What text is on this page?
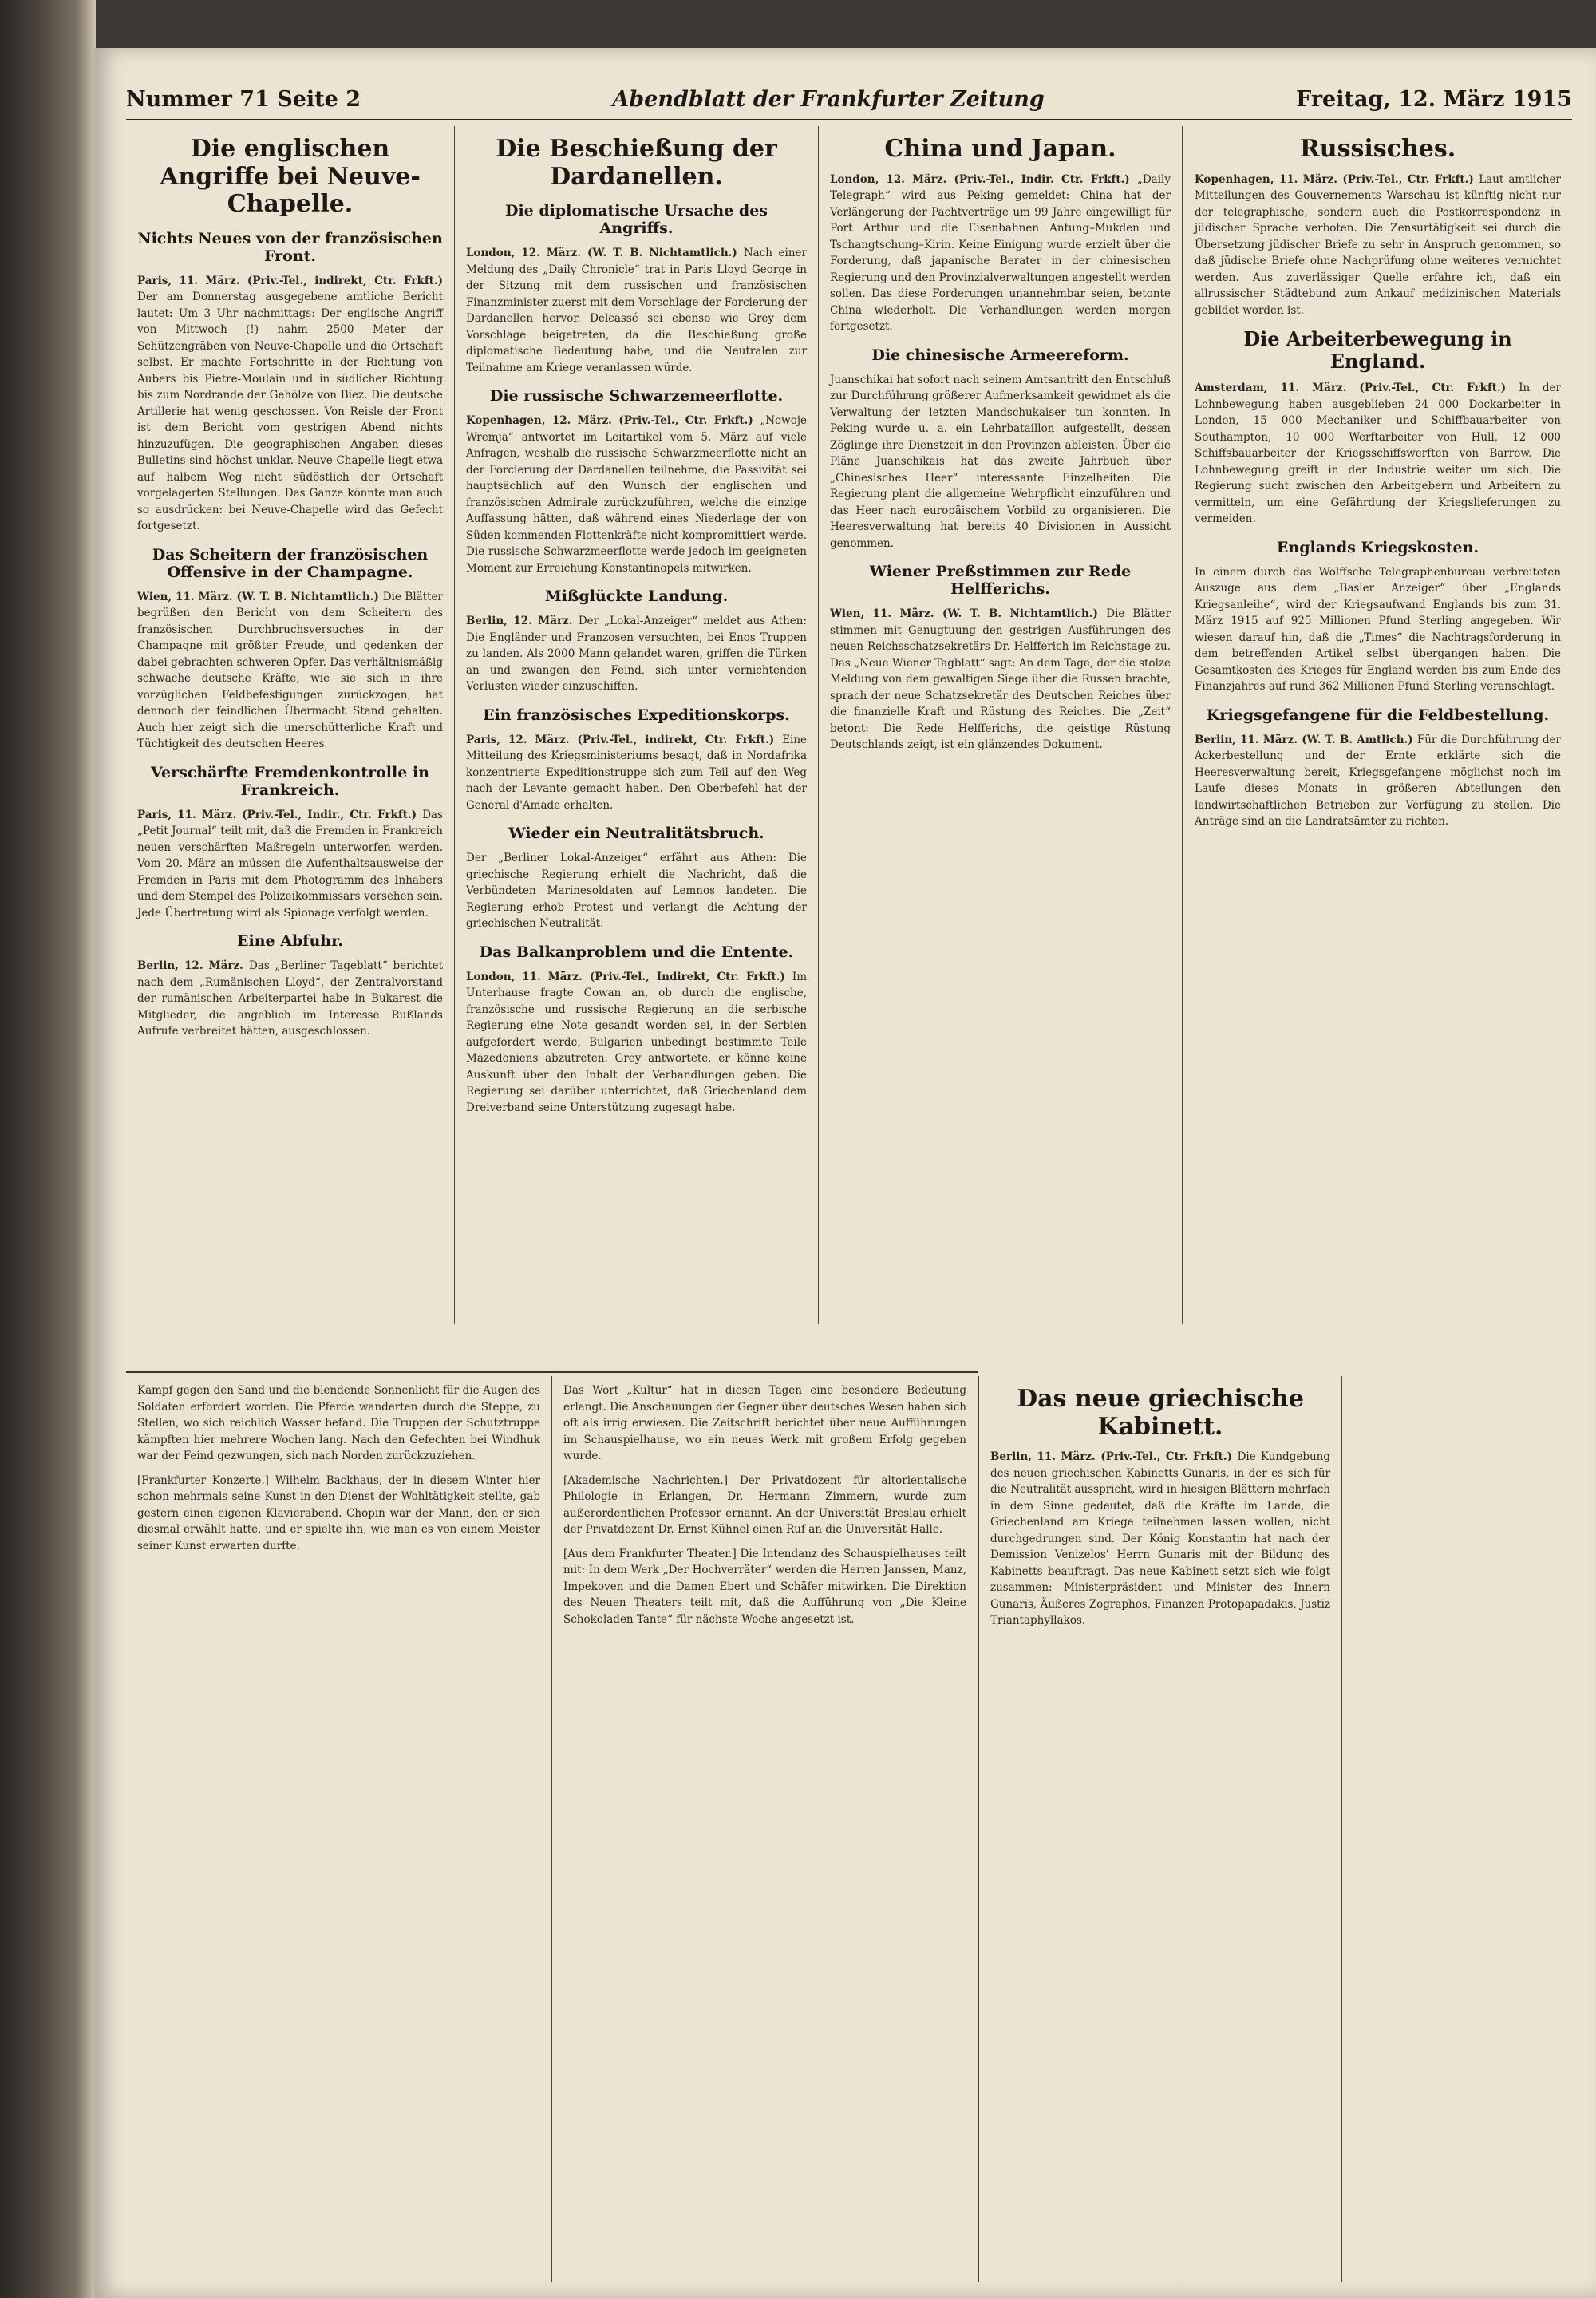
Nummer 71 Seite 2	Abendblatt der Frankfurter Zeitung	Freitag, 12. März 1915
Die englischen Angriffe bei Neuve-Chapelle.
Nichts Neues von der französischen Front.

Paris, 11. März. (Priv.-Tel., indirekt, Ctr. Frkft.) Der am Donnerstag ausgegebene amtliche Bericht lautet: Um 3 Uhr nachmittags: Der englische Angriff von Mittwoch (!) nahm 2500 Meter der Schützengräben von Neuve-Chapelle und die Ortschaft selbst. Er machte Fortschritte in der Richtung von Aubers bis Pietre-Moulain und in südlicher Richtung bis zum Nordrande der Gehölze von Biez. Die deutsche Artillerie hat wenig geschossen. Von Reisle der Front ist dem Bericht vom gestrigen Abend nichts hinzuzufügen. Die geographischen Angaben dieses Bulletins sind höchst unklar. Neuve-Chapelle liegt etwa auf halbem Weg nicht südöstlich der Ortschaft vorgelagerten Stellungen. Das Ganze könnte man auch so ausdrücken: bei Neuve-Chapelle wird das Gefecht fortgesetzt.

Das Scheitern der französischen Offensive in der Champagne.

Wien, 11. März. (W. T. B. Nichtamtlich.) Die Blätter begrüßen den Bericht von dem Scheitern des französischen Durchbruchsversuches in der Champagne mit größter Freude, und gedenken der dabei gebrachten schweren Opfer. Das verhältnismäßig schwache deutsche Kräfte, wie sie sich in ihre vorzüglichen Feldbefestigungen zurückzogen, hat dennoch der feindlichen Übermacht Stand gehalten. Auch hier zeigt sich die unerschütterliche Kraft und Tüchtigkeit des deutschen Heeres.

Verschärfte Fremdenkontrolle in Frankreich.

Paris, 11. März. (Priv.-Tel., Indir., Ctr. Frkft.) Das „Petit Journal“ teilt mit, daß die Fremden in Frankreich neuen verschärften Maßregeln unterworfen werden. Vom 20. März an müssen die Aufenthaltsausweise der Fremden in Paris mit dem Photogramm des Inhabers und dem Stempel des Polizeikommissars versehen sein. Jede Übertretung wird als Spionage verfolgt werden.

Eine Abfuhr.

Berlin, 12. März. Das „Berliner Tageblatt“ berichtet nach dem „Rumänischen Lloyd“, der Zentralvorstand der rumänischen Arbeiterpartei habe in Bukarest die Mitglieder, die angeblich im Interesse Rußlands Aufrufe verbreitet hätten, ausgeschlossen.

Die Beschießung der Dardanellen.
Die diplomatische Ursache des Angriffs.

London, 12. März. (W. T. B. Nichtamtlich.) Nach einer Meldung des „Daily Chronicle“ trat in Paris Lloyd George in der Sitzung mit dem russischen und französischen Finanzminister zuerst mit dem Vorschlage der Forcierung der Dardanellen hervor. Delcassé sei ebenso wie Grey dem Vorschlage beigetreten, da die Beschießung große diplomatische Bedeutung habe, und die Neutralen zur Teilnahme am Kriege veranlassen würde.

Die russische Schwarzemeerflotte.

Kopenhagen, 12. März. (Priv.-Tel., Ctr. Frkft.) „Nowoje Wremja“ antwortet im Leitartikel vom 5. März auf viele Anfragen, weshalb die russische Schwarzmeerflotte nicht an der Forcierung der Dardanellen teilnehme, die Passivität sei hauptsächlich auf den Wunsch der englischen und französischen Admirale zurückzuführen, welche die einzige Auffassung hätten, daß während eines Niederlage der von Süden kommenden Flottenkräfte nicht kompromittiert werde. Die russische Schwarzmeerflotte werde jedoch im geeigneten Moment zur Erreichung Konstantinopels mitwirken.

Mißglückte Landung.

Berlin, 12. März. Der „Lokal-Anzeiger“ meldet aus Athen: Die Engländer und Franzosen versuchten, bei Enos Truppen zu landen. Als 2000 Mann gelandet waren, griffen die Türken an und zwangen den Feind, sich unter vernichtenden Verlusten wieder einzuschiffen.

Ein französisches Expeditionskorps.

Paris, 12. März. (Priv.-Tel., indirekt, Ctr. Frkft.) Eine Mitteilung des Kriegsministeriums besagt, daß in Nordafrika konzentrierte Expeditionstruppe sich zum Teil auf den Weg nach der Levante gemacht haben. Den Oberbefehl hat der General d'Amade erhalten.

Wieder ein Neutralitätsbruch.

Der „Berliner Lokal-Anzeiger“ erfährt aus Athen: Die griechische Regierung erhielt die Nachricht, daß die Verbündeten Marinesoldaten auf Lemnos landeten. Die Regierung erhob Protest und verlangt die Achtung der griechischen Neutralität.

Das Balkanproblem und die Entente.

London, 11. März. (Priv.-Tel., Indirekt, Ctr. Frkft.) Im Unterhause fragte Cowan an, ob durch die englische, französische und russische Regierung an die serbische Regierung eine Note gesandt worden sei, in der Serbien aufgefordert werde, Bulgarien unbedingt bestimmte Teile Mazedoniens abzutreten. Grey antwortete, er könne keine Auskunft über den Inhalt der Verhandlungen geben. Die Regierung sei darüber unterrichtet, daß Griechenland dem Dreiverband seine Unterstützung zugesagt habe.

China und Japan.

London, 12. März. (Priv.-Tel., Indir. Ctr. Frkft.) „Daily Telegraph“ wird aus Peking gemeldet: China hat der Verlängerung der Pachtverträge um 99 Jahre eingewilligt für Port Arthur und die Eisenbahnen Antung–Mukden und Tschangtschung–Kirin. Keine Einigung wurde erzielt über die Forderung, daß japanische Berater in der chinesischen Regierung und den Provinzialverwaltungen angestellt werden sollen. Das diese Forderungen unannehmbar seien, betonte China wiederholt. Die Verhandlungen werden morgen fortgesetzt.

Die chinesische Armeereform.

Juanschikai hat sofort nach seinem Amtsantritt den Entschluß zur Durchführung größerer Aufmerksamkeit gewidmet als die Verwaltung der letzten Mandschukaiser tun konnten. In Peking wurde u. a. ein Lehrbataillon aufgestellt, dessen Zöglinge ihre Dienstzeit in den Provinzen ableisten. Über die Pläne Juanschikais hat das zweite Jahrbuch über „Chinesisches Heer“ interessante Einzelheiten. Die Regierung plant die allgemeine Wehrpflicht einzuführen und das Heer nach europäischem Vorbild zu organisieren. Die Heeresverwaltung hat bereits 40 Divisionen in Aussicht genommen.

Wiener Preßstimmen zur Rede Helfferichs.

Wien, 11. März. (W. T. B. Nichtamtlich.) Die Blätter stimmen mit Genugtuung den gestrigen Ausführungen des neuen Reichsschatzsekretärs Dr. Helfferich im Reichstage zu. Das „Neue Wiener Tagblatt“ sagt: An dem Tage, der die stolze Meldung von dem gewaltigen Siege über die Russen brachte, sprach der neue Schatzsekretär des Deutschen Reiches über die finanzielle Kraft und Rüstung des Reiches. Die „Zeit“ betont: Die Rede Helfferichs, die geistige Rüstung Deutschlands zeigt, ist ein glänzendes Dokument.

Kampf gegen den Sand und die blendende Sonnenlicht für die Augen des Soldaten erfordert worden. Die Pferde wanderten durch die Steppe, zu Stellen, wo sich reichlich Wasser befand. Die Truppen der Schutztruppe kämpften hier mehrere Wochen lang. Nach den Gefechten bei Windhuk war der Feind gezwungen, sich nach Norden zurückzuziehen.

[Frankfurter Konzerte.] Wilhelm Backhaus, der in diesem Winter hier schon mehrmals seine Kunst in den Dienst der Wohltätigkeit stellte, gab gestern einen eigenen Klavierabend. Chopin war der Mann, den er sich diesmal erwählt hatte, und er spielte ihn, wie man es von einem Meister seiner Kunst erwarten durfte.

Das Wort „Kultur“ hat in diesen Tagen eine besondere Bedeutung erlangt. Die Anschauungen der Gegner über deutsches Wesen haben sich oft als irrig erwiesen. Die Zeitschrift berichtet über neue Aufführungen im Schauspielhause, wo ein neues Werk mit großem Erfolg gegeben wurde.

[Akademische Nachrichten.] Der Privatdozent für altorientalische Philologie in Erlangen, Dr. Hermann Zimmern, wurde zum außerordentlichen Professor ernannt. An der Universität Breslau erhielt der Privatdozent Dr. Ernst Kühnel einen Ruf an die Universität Halle.

[Aus dem Frankfurter Theater.] Die Intendanz des Schauspielhauses teilt mit: In dem Werk „Der Hochverräter“ werden die Herren Janssen, Manz, Impekoven und die Damen Ebert und Schäfer mitwirken. Die Direktion des Neuen Theaters teilt mit, daß die Aufführung von „Die Kleine Schokoladen Tante“ für nächste Woche angesetzt ist.

Das neue griechische Kabinett.

Berlin, 11. März. (Priv.-Tel., Ctr. Frkft.) Die Kundgebung des neuen griechischen Kabinetts Gunaris, in der es sich für die Neutralität ausspricht, wird in hiesigen Blättern mehrfach in dem Sinne gedeutet, daß die Kräfte im Lande, die Griechenland am Kriege teilnehmen lassen wollen, nicht durchgedrungen sind. Der König Konstantin hat nach der Demission Venizelos' Herrn Gunaris mit der Bildung des Kabinetts beauftragt. Das neue Kabinett setzt sich wie folgt zusammen: Ministerpräsident und Minister des Innern Gunaris, Äußeres Zographos, Finanzen Protopapadakis, Justiz Triantaphyllakos.

Russisches.

Kopenhagen, 11. März. (Priv.-Tel., Ctr. Frkft.) Laut amtlicher Mitteilungen des Gouvernements Warschau ist künftig nicht nur der telegraphische, sondern auch die Postkorrespondenz in jüdischer Sprache verboten. Die Zensurtätigkeit sei durch die Übersetzung jüdischer Briefe zu sehr in Anspruch genommen, so daß jüdische Briefe ohne Nachprüfung ohne weiteres vernichtet werden. Aus zuverlässiger Quelle erfahre ich, daß ein allrussischer Städtebund zum Ankauf medizinischen Materials gebildet worden ist.

Die Arbeiterbewegung in England.

Amsterdam, 11. März. (Priv.-Tel., Ctr. Frkft.) In der Lohnbewegung haben ausgeblieben 24 000 Dockarbeiter in London, 15 000 Mechaniker und Schiffbauarbeiter von Southampton, 10 000 Werftarbeiter von Hull, 12 000 Schiffsbauarbeiter der Kriegsschiffswerften von Barrow. Die Lohnbewegung greift in der Industrie weiter um sich. Die Regierung sucht zwischen den Arbeitgebern und Arbeitern zu vermitteln, um eine Gefährdung der Kriegslieferungen zu vermeiden.

Englands Kriegskosten.

In einem durch das Wolffsche Telegraphenbureau verbreiteten Auszuge aus dem „Basler Anzeiger“ über „Englands Kriegsanleihe“, wird der Kriegsaufwand Englands bis zum 31. März 1915 auf 925 Millionen Pfund Sterling angegeben. Wir wiesen darauf hin, daß die „Times“ die Nachtragsforderung in dem betreffenden Artikel selbst übergangen haben. Die Gesamtkosten des Krieges für England werden bis zum Ende des Finanzjahres auf rund 362 Millionen Pfund Sterling veranschlagt.

Kriegsgefangene für die Feldbestellung.

Berlin, 11. März. (W. T. B. Amtlich.) Für die Durchführung der Ackerbestellung und der Ernte erklärte sich die Heeresverwaltung bereit, Kriegsgefangene möglichst noch im Laufe dieses Monats in größeren Abteilungen den landwirtschaftlichen Betrieben zur Verfügung zu stellen. Die Anträge sind an die Landratsämter zu richten.
